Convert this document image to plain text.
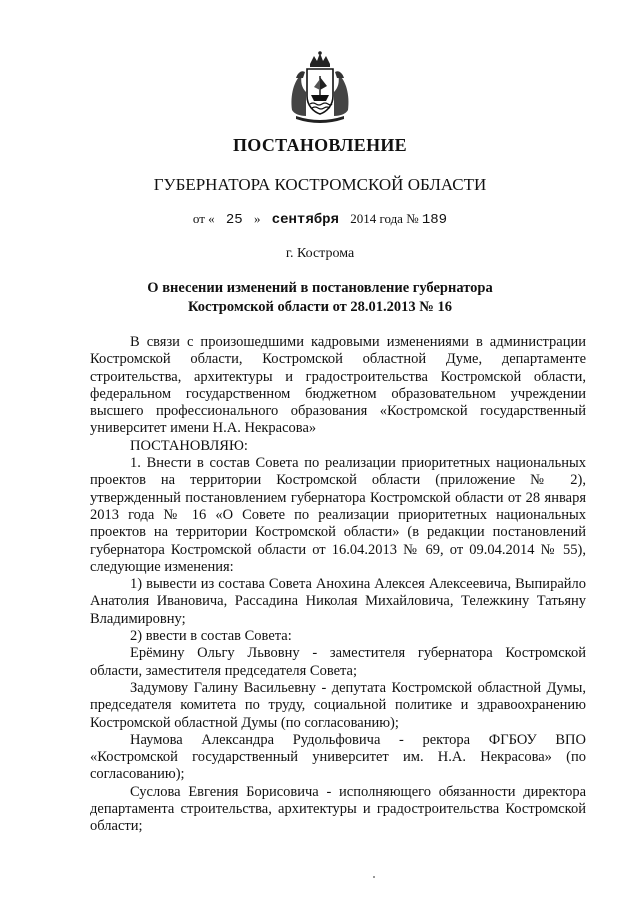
ПОСТАНОВЛЕНИЕ
ГУБЕРНАТОРА КОСТРОМСКОЙ ОБЛАСТИ
от « 25 » сентября 2014 года № 189
г. Кострома
О внесении изменений в постановление губернатора
Костромской области от 28.01.2013 № 16

В связи с произошедшими кадровыми изменениями в администрации Костромской области, Костромской областной Думе, департаменте строительства, архитектуры и градостроительства Костромской области, федеральном государственном бюджетном образовательном учреждении высшего профессионального образования «Костромской государственный университет имени Н.А. Некрасова»

ПОСТАНОВЛЯЮ:

1. Внести в состав Совета по реализации приоритетных национальных проектов на территории Костромской области (приложение № 2), утвержденный постановлением губернатора Костромской области от 28 января 2013 года № 16 «О Совете по реализации приоритетных национальных проектов на территории Костромской области» (в редакции постановлений губернатора Костромской области от 16.04.2013 № 69, от 09.04.2014 № 55), следующие изменения:

1) вывести из состава Совета Анохина Алексея Алексеевича, Выпирайло Анатолия Ивановича, Рассадина Николая Михайловича, Тележкину Татьяну Владимировну;

2) ввести в состав Совета:

Ерёмину Ольгу Львовну - заместителя губернатора Костромской области, заместителя председателя Совета;

Задумову Галину Васильевну - депутата Костромской областной Думы, председателя комитета по труду, социальной политике и здравоохранению Костромской областной Думы (по согласованию);

Наумова Александра Рудольфовича - ректора ФГБОУ ВПО «Костромской государственный университет им. Н.А. Некрасова» (по согласованию);

Суслова Евгения Борисовича - исполняющего обязанности директора департамента строительства, архитектуры и градостроительства Костромской области;
